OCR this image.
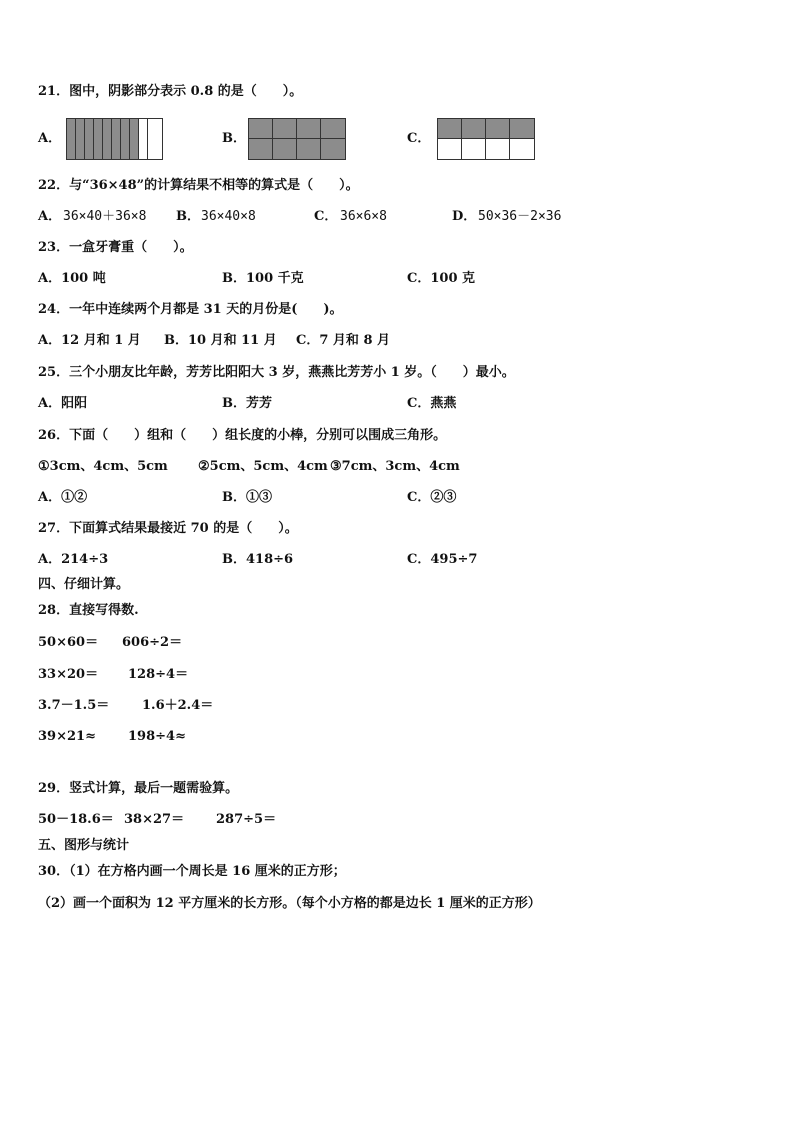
21．图中，阴影部分表示 0.8 的是（　　）。
A．	B．	C．
22．与“36×48”的计算结果不相等的算式是（　　）。
A． 36×40＋36×8 B． 36×40×8	C． 36×6×8	D． 50×36－2×36
23．一盒牙膏重（　　）。
A．100 吨	B．100 千克	C．100 克
24．一年中连续两个月都是 31 天的月份是(　　)。
A．12 月和 1 月 B．10 月和 11 月 C．7 月和 8 月
25．三个小朋友比年龄，芳芳比阳阳大 3 岁，燕燕比芳芳小 1 岁。（　　）最小。
A．阳阳	B．芳芳	C．燕燕
26．下面（　　）组和（　　）组长度的小棒，分别可以围成三角形。
①3cm、4cm、5cm ②5cm、5cm、4cm ③7cm、3cm、4cm
A．①②	B．①③	C．②③
27．下面算式结果最接近 70 的是（　　）。
A．214÷3	B．418÷6	C．495÷7
四、仔细计算。
28．直接写得数.
50×60＝ 606÷2＝
33×20＝ 128÷4＝
3.7－1.5＝	1.6＋2.4＝
39×21≈ 198÷4≈
29．竖式计算，最后一题需验算。
50－18.6＝ 38×27＝ 287÷5＝
五、图形与统计
30．（1）在方格内画一个周长是 16 厘米的正方形；
（2）画一个面积为 12 平方厘米的长方形。（每个小方格的都是边长 1 厘米的正方形）
